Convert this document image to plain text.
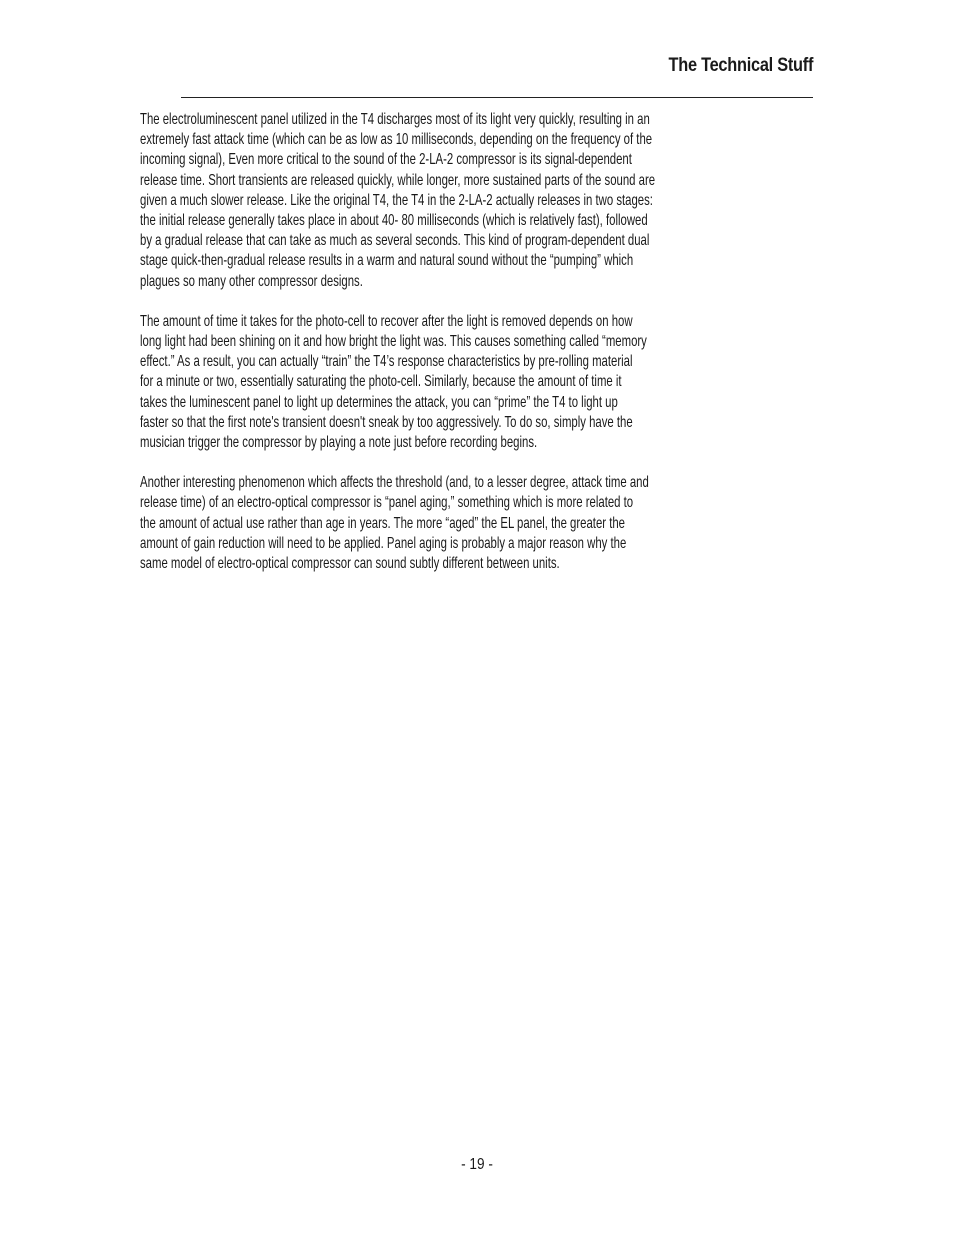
The Technical Stuff

The electroluminescent panel utilized in the T4 discharges most of its light very quickly, resulting in an
extremely fast attack time (which can be as low as 10 milliseconds, depending on the frequency of the
incoming signal), Even more critical to the sound of the 2-LA-2 compressor is its signal-dependent
release time. Short transients are released quickly, while longer, more sustained parts of the sound are
given a much slower release. Like the original T4, the T4 in the 2-LA-2 actually releases in two stages:
the initial release generally takes place in about 40- 80 milliseconds (which is relatively fast), followed
by a gradual release that can take as much as several seconds. This kind of program-dependent dual
stage quick-then-gradual release results in a warm and natural sound without the “pumping” which
plagues so many other compressor designs.

The amount of time it takes for the photo-cell to recover after the light is removed depends on how
long light had been shining on it and how bright the light was. This causes something called “memory
effect.” As a result, you can actually “train” the T4’s response characteristics by pre-rolling material
for a minute or two, essentially saturating the photo-cell. Similarly, because the amount of time it
takes the luminescent panel to light up determines the attack, you can “prime” the T4 to light up
faster so that the first note's transient doesn't sneak by too aggressively. To do so, simply have the
musician trigger the compressor by playing a note just before recording begins.

Another interesting phenomenon which affects the threshold (and, to a lesser degree, attack time and
release time) of an electro-optical compressor is “panel aging,” something which is more related to
the amount of actual use rather than age in years. The more “aged” the EL panel, the greater the
amount of gain reduction will need to be applied. Panel aging is probably a major reason why the
same model of electro-optical compressor can sound subtly different between units.

- 19 -
